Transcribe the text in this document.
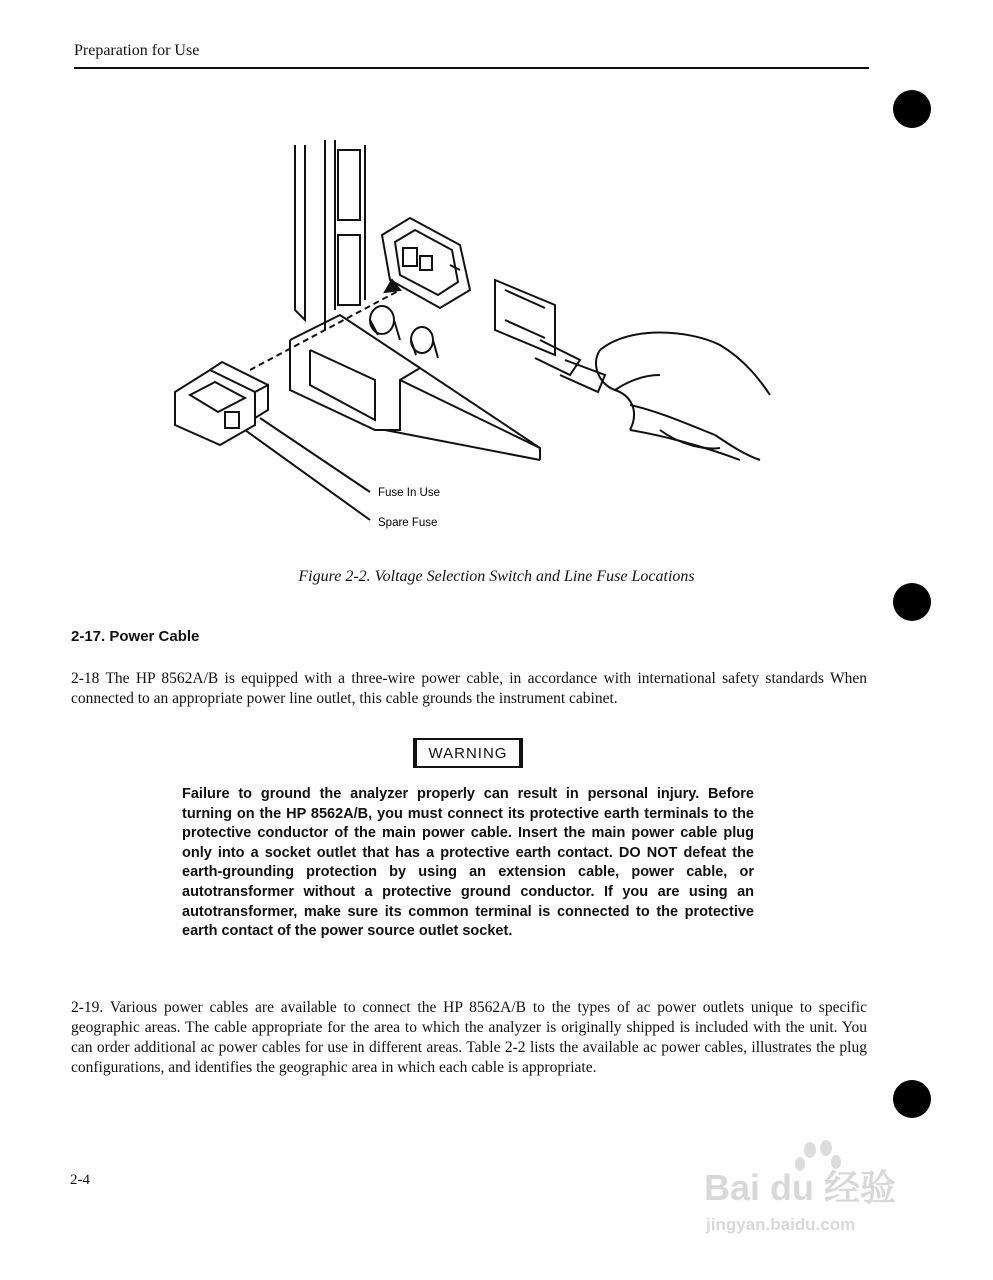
Preparation for Use
Fuse In Use
Spare Fuse
Figure 2-2. Voltage Selection Switch and Line Fuse Locations
2-17. Power Cable
2-18 The HP 8562A/B is equipped with a three-wire power cable, in accordance with international safety standards When connected to an appropriate power line outlet, this cable grounds the instrument cabinet.
WARNING
Failure to ground the analyzer properly can result in personal injury. Before turning on the HP 8562A/B, you must connect its protective earth terminals to the protective conductor of the main power cable. Insert the main power cable plug only into a socket outlet that has a protective earth contact. DO NOT defeat the earth-grounding protection by using an extension cable, power cable, or autotransformer without a protective ground conductor. If you are using an autotransformer, make sure its common terminal is connected to the protective earth contact of the power source outlet socket.
2-19. Various power cables are available to connect the HP 8562A/B to the types of ac power outlets unique to specific geographic areas. The cable appropriate for the area to which the analyzer is originally shipped is included with the unit. You can order additional ac power cables for use in different areas. Table 2-2 lists the available ac power cables, illustrates the plug configurations, and identifies the geographic area in which each cable is appropriate.
2-4	Bai du 经验
jingyan.baidu.com
